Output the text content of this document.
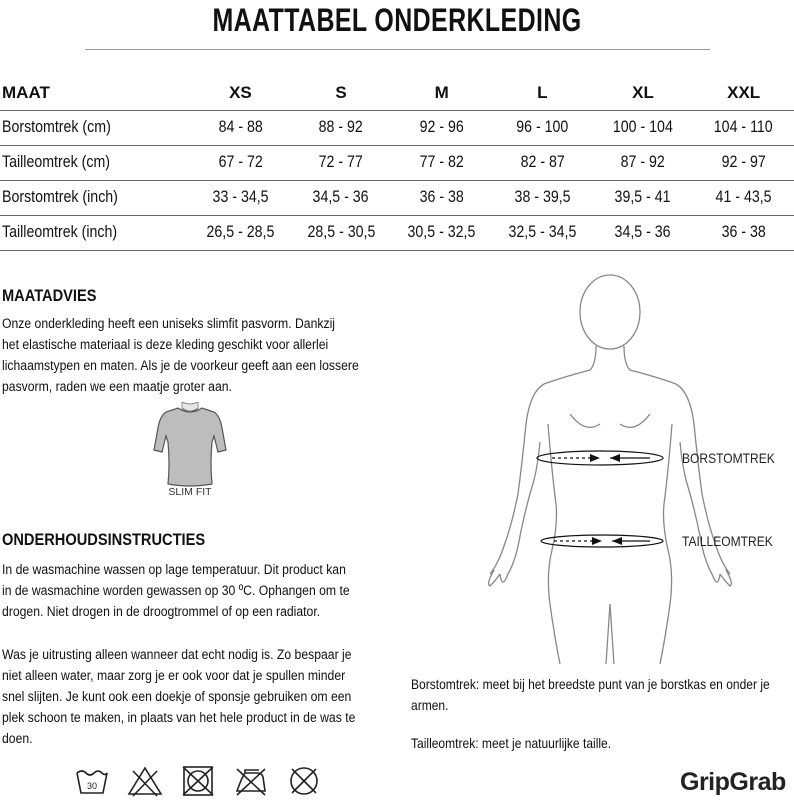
MAATTABEL ONDERKLEDING
MAAT	XS	S	M	L	XL	XXL
Borstomtrek (cm)	84 - 88	88 - 92	92 - 96	96 - 100	100 - 104	104 - 110
Tailleomtrek (cm)	67 - 72	72 - 77	77 - 82	82 - 87	87 - 92	92 - 97
Borstomtrek (inch)	33 - 34,5	34,5 - 36	36 - 38	38 - 39,5	39,5 - 41	41 - 43,5
Tailleomtrek (inch)	26,5 - 28,5	28,5 - 30,5	30,5 - 32,5	32,5 - 34,5	34,5 - 36	36 - 38
MAATADVIES
Onze onderkleding heeft een uniseks slimfit pasvorm. Dankzij
het elastische materiaal is deze kleding geschikt voor allerlei
lichaamstypen en maten. Als je de voorkeur geeft aan een lossere
pasvorm, raden we een maatje groter aan.
SLIM FIT
ONDERHOUDSINSTRUCTIES
In de wasmachine wassen op lage temperatuur. Dit product kan
in de wasmachine worden gewassen op 30 ºC. Ophangen om te
drogen. Niet drogen in de droogtrommel of op een radiator.
Was je uitrusting alleen wanneer dat echt nodig is. Zo bespaar je
niet alleen water, maar zorg je er ook voor dat je spullen minder
snel slijten. Je kunt ook een doekje of sponsje gebruiken om een
plek schoon te maken, in plaats van het hele product in de was te
doen.
BORSTOMTREK
TAILLEOMTREK
Borstomtrek: meet bij het breedste punt van je borstkas en onder je
armen.
Tailleomtrek: meet je natuurlijke taille.
30	GripGrab
